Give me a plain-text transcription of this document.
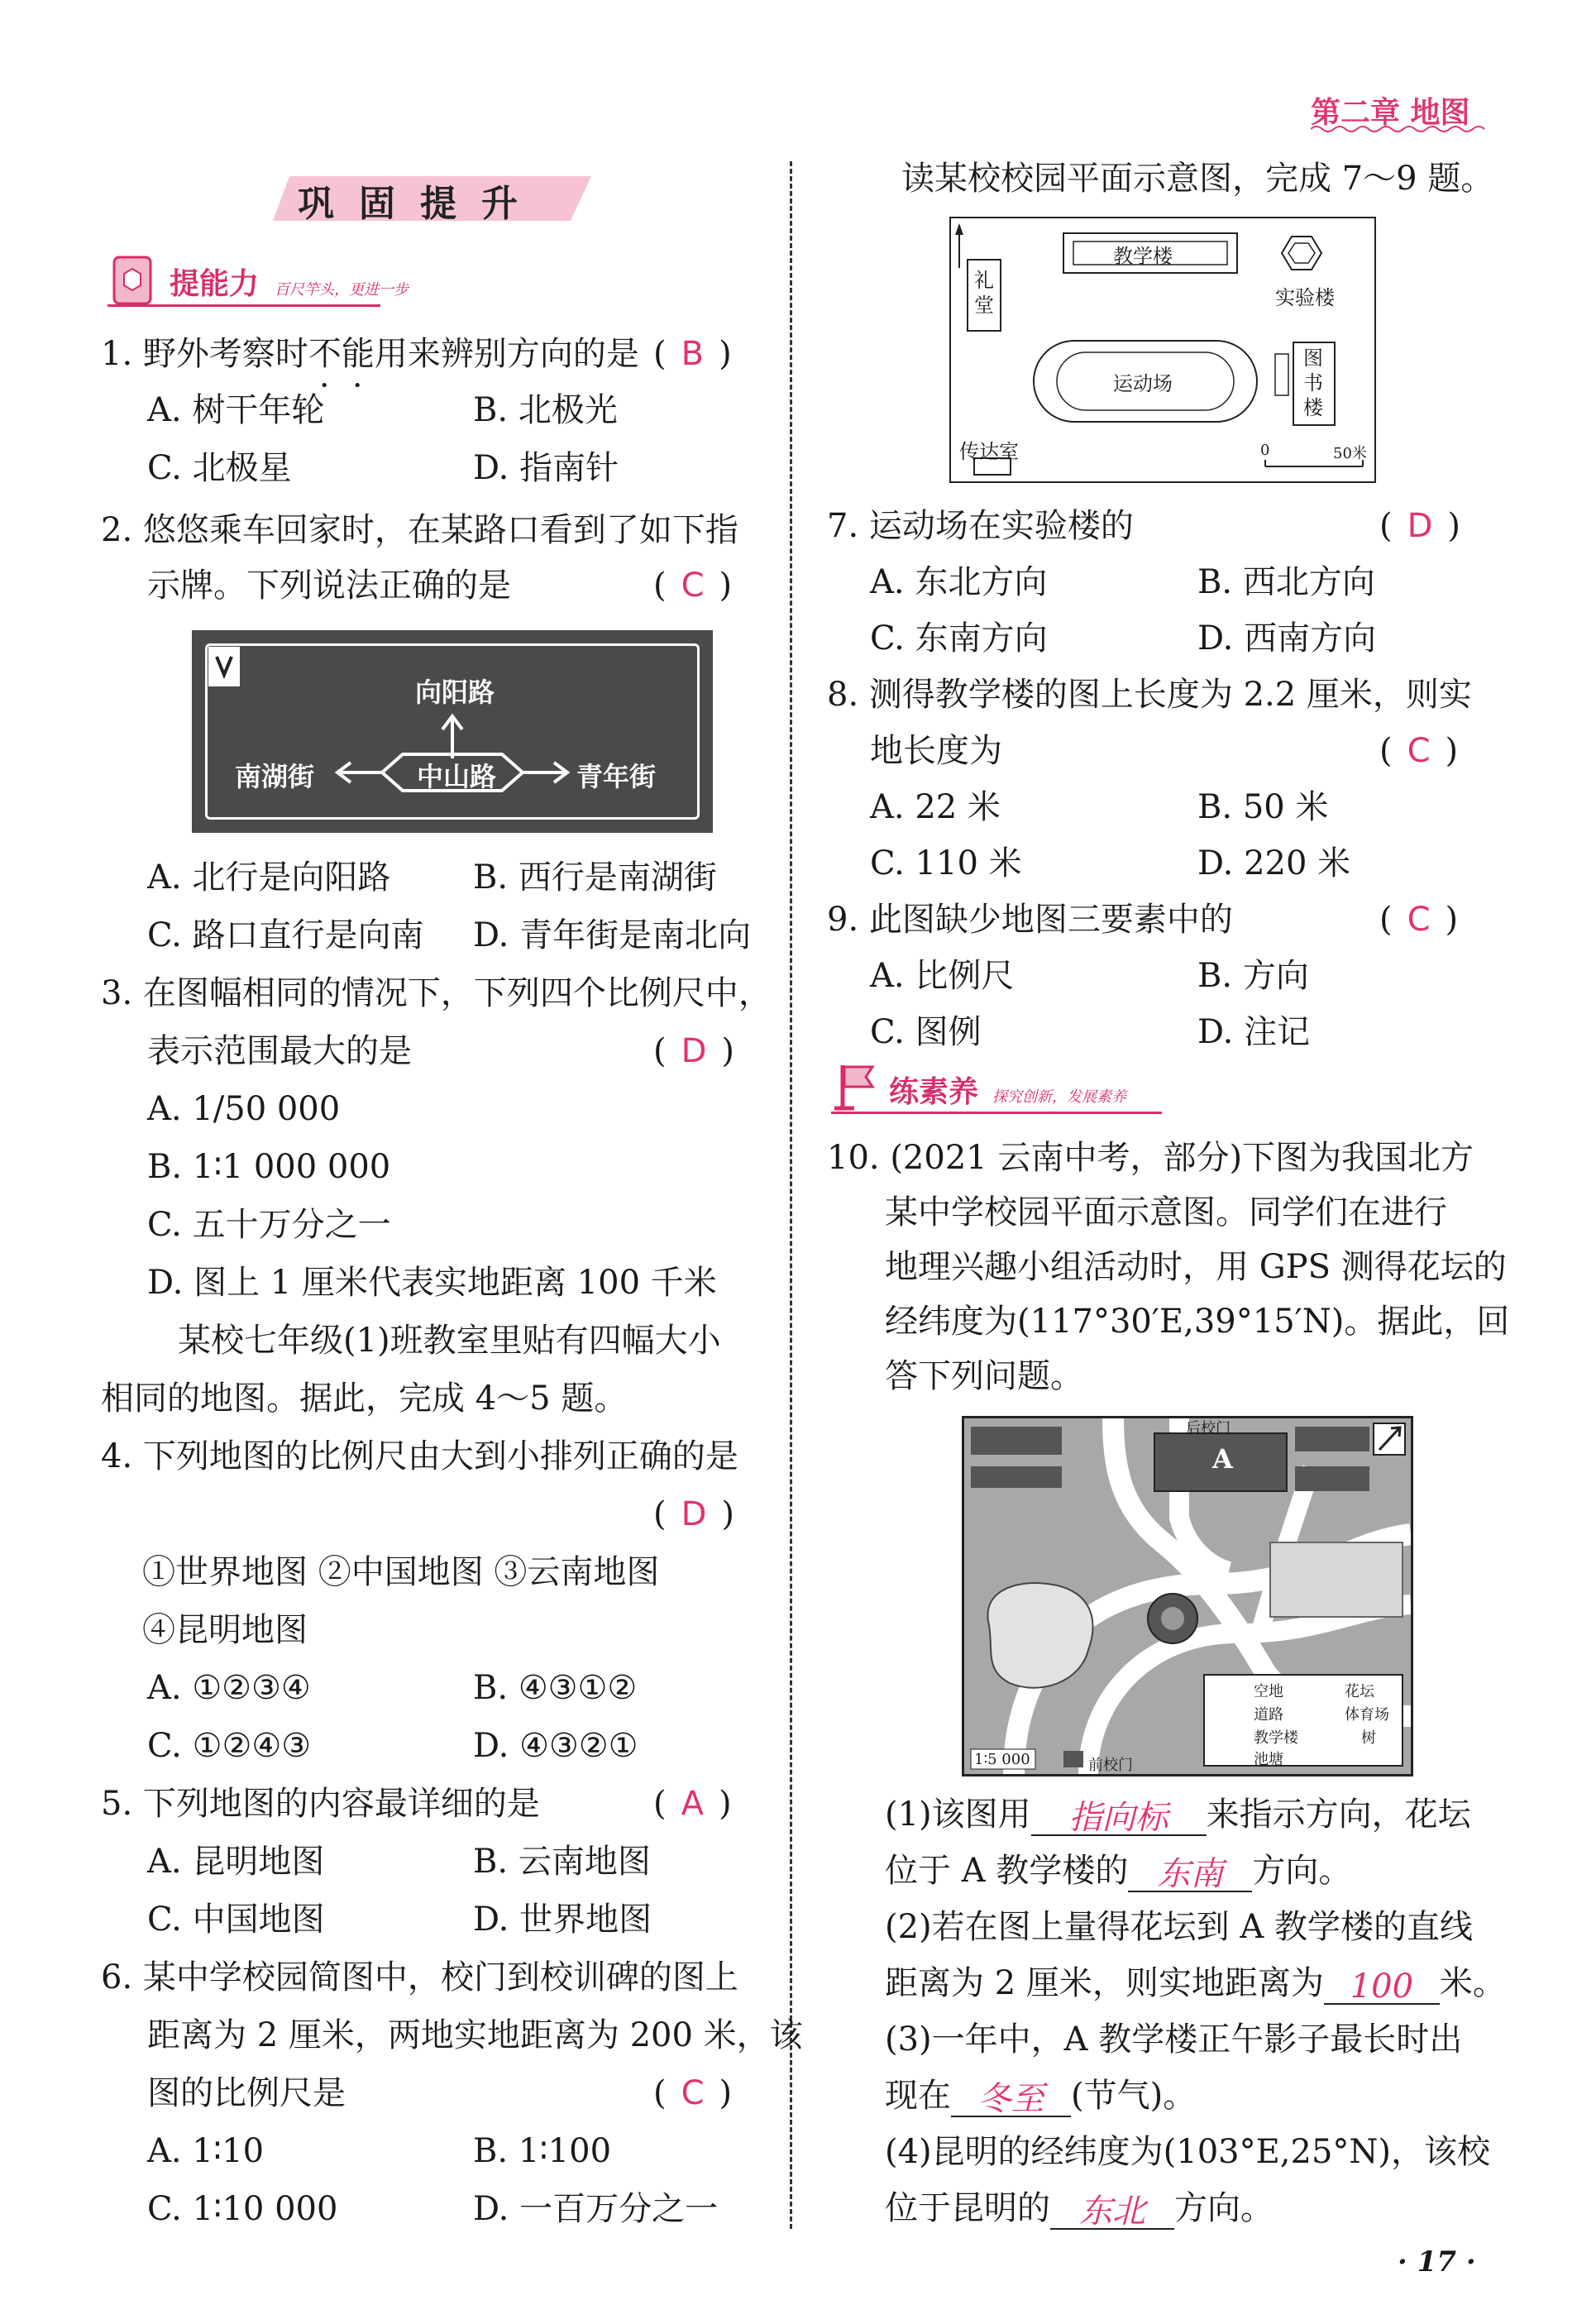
第二章 地图
巩固提升
提能力 百尺竿头，更进一步
1. 野外考察时不能用来辨别方向的是 ( B )
A. 树干年轮	B. 北极光
C. 北极星	D. 指南针
2. 悠悠乘车回家时，在某路口看到了如下指
示牌。下列说法正确的是	( C )
向阳路
中山路
南湖街	青年街
A. 北行是向阳路 B. 西行是南湖街
C. 路口直行是向南 D. 青年街是南北向
3. 在图幅相同的情况下，下列四个比例尺中，
表示范围最大的是	( D )
A. 1/50 000
B. 1∶1 000 000
C. 五十万分之一
D. 图上 1 厘米代表实地距离 100 千米
某校七年级(1)班教室里贴有四幅大小
相同的地图。据此，完成 4～5 题。
4. 下列地图的比例尺由大到小排列正确的是
( D )
①世界地图 ②中国地图 ③云南地图
④昆明地图
A. ①②③④	B. ④③①②
C. ①②④③	D. ④③②①
5. 下列地图的内容最详细的是	( A )
A. 昆明地图	B. 云南地图
C. 中国地图	D. 世界地图
6. 某中学校园简图中，校门到校训碑的图上
距离为 2 厘米，两地实地距离为 200 米，该
图的比例尺是	( C )
A. 1∶10	B. 1∶100
C. 1∶10 000	D. 一百万分之一
读某校校园平面示意图，完成 7～9 题。
教学楼
实验楼
礼堂
运动场
图书楼
传达室	0	50米
7. 运动场在实验楼的	( D )
A. 东北方向	B. 西北方向
C. 东南方向	D. 西南方向
8. 测得教学楼的图上长度为 2.2 厘米，则实
地长度为	( C )
A. 22 米	B. 50 米
C. 110 米	D. 220 米
9. 此图缺少地图三要素中的	( C )
A. 比例尺	B. 方向
C. 图例	D. 注记
练素养 探究创新，发展素养
10. (2021 云南中考，部分)下图为我国北方
某中学校园平面示意图。同学们在进行
地理兴趣小组活动时，用 GPS 测得花坛的
经纬度为(117°30′E,39°15′N)。据此，回
答下列问题。
后校门
A
1∶5 000	前校门
空地	花坛
道路	体育场
教学楼	树
池塘
(1)该图用 指向标 来指示方向，花坛
位于 A 教学楼的 东南 方向。
(2)若在图上量得花坛到 A 教学楼的直线
距离为 2 厘米，则实地距离为 100 米。
(3)一年中，A 教学楼正午影子最长时出
现在 冬至 (节气)。
(4)昆明的经纬度为(103°E,25°N)，该校
位于昆明的 东北 方向。
· 17 ·
